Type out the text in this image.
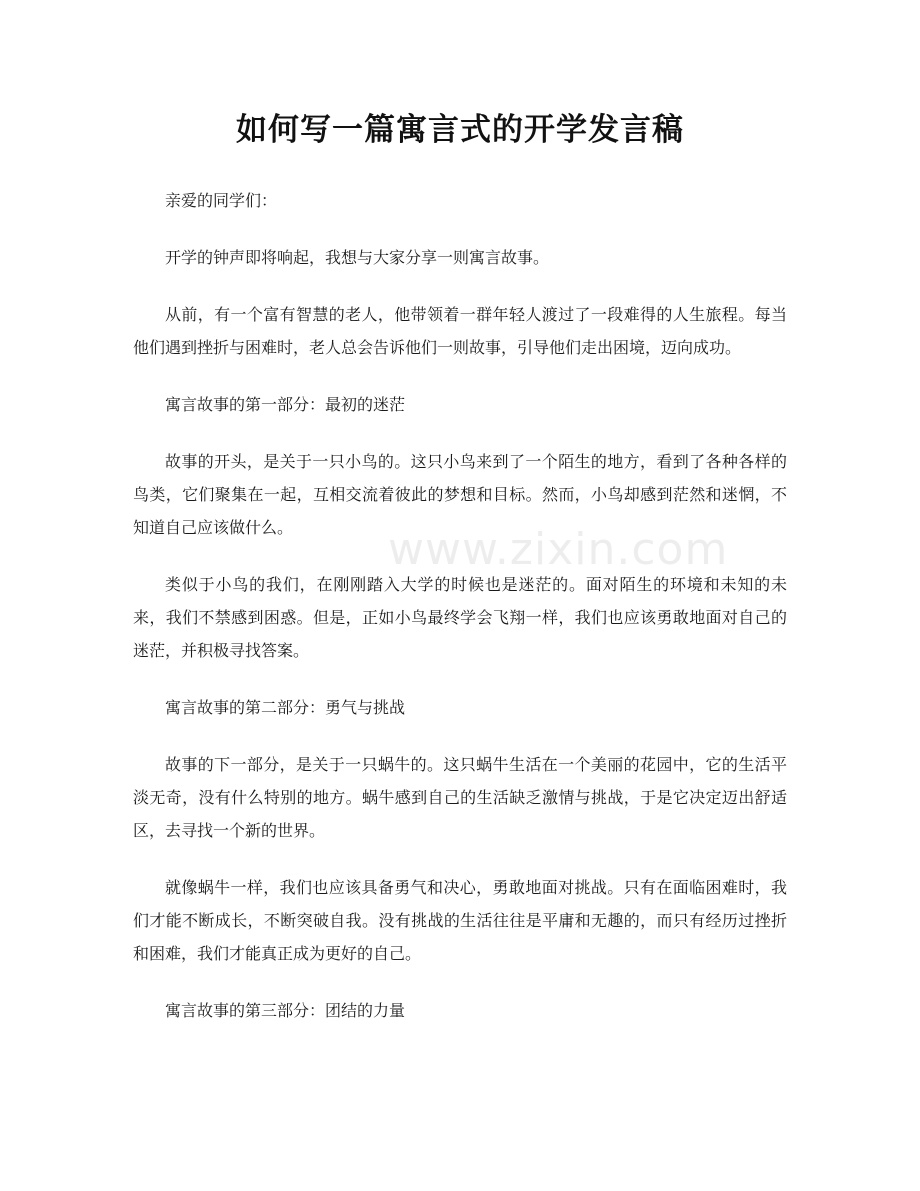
如何写一篇寓言式的开学发言稿

亲爱的同学们：

开学的钟声即将响起，我想与大家分享一则寓言故事。

从前，有一个富有智慧的老人，他带领着一群年轻人渡过了一段难得的人生旅程。每当他们遇到挫折与困难时，老人总会告诉他们一则故事，引导他们走出困境，迈向成功。

寓言故事的第一部分：最初的迷茫

故事的开头，是关于一只小鸟的。这只小鸟来到了一个陌生的地方，看到了各种各样的鸟类，它们聚集在一起，互相交流着彼此的梦想和目标。然而，小鸟却感到茫然和迷惘，不知道自己应该做什么。

类似于小鸟的我们，在刚刚踏入大学的时候也是迷茫的。面对陌生的环境和未知的未来，我们不禁感到困惑。但是，正如小鸟最终学会飞翔一样，我们也应该勇敢地面对自己的迷茫，并积极寻找答案。

寓言故事的第二部分：勇气与挑战

故事的下一部分，是关于一只蜗牛的。这只蜗牛生活在一个美丽的花园中，它的生活平淡无奇，没有什么特别的地方。蜗牛感到自己的生活缺乏激情与挑战，于是它决定迈出舒适区，去寻找一个新的世界。

就像蜗牛一样，我们也应该具备勇气和决心，勇敢地面对挑战。只有在面临困难时，我们才能不断成长，不断突破自我。没有挑战的生活往往是平庸和无趣的，而只有经历过挫折和困难，我们才能真正成为更好的自己。

寓言故事的第三部分：团结的力量

www.zixin.com
